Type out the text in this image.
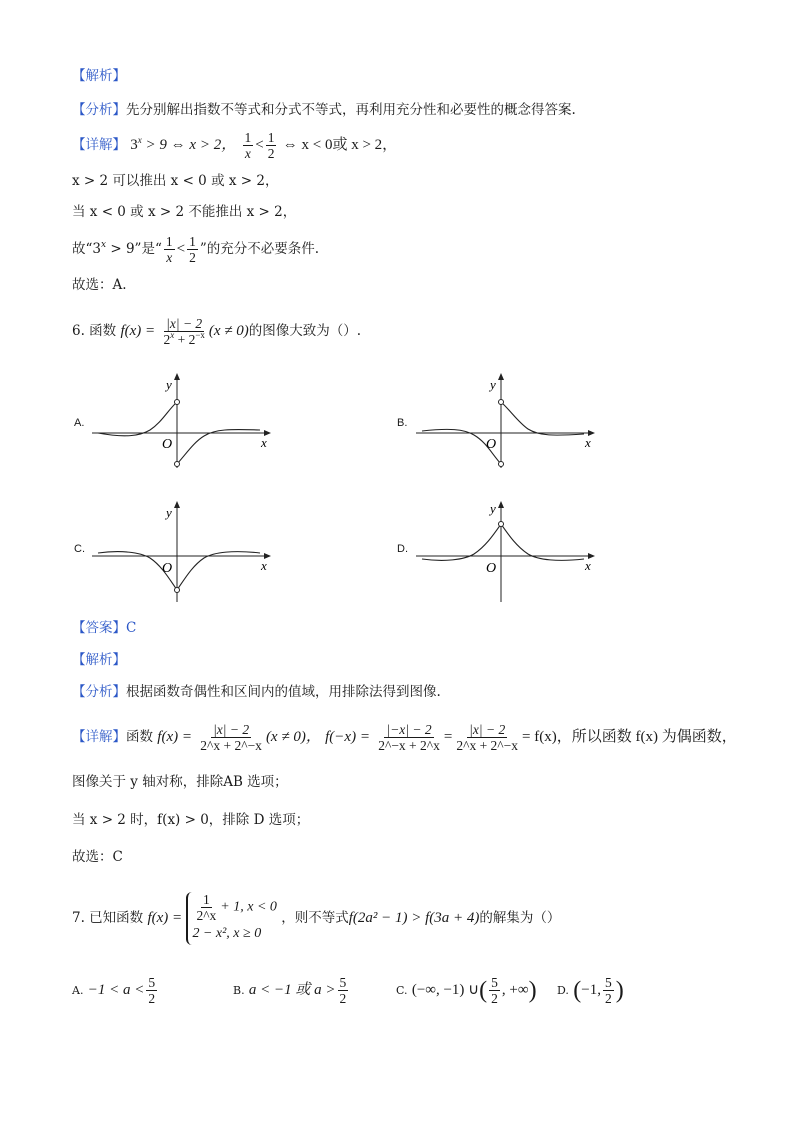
【解析】
【分析】先分别解出指数不等式和分式不等式，再利用充分性和必要性的概念得答案.
【详解】 $3^x > 9$ ⇔ x > 2， $\frac{1}{x} < \frac{1}{2}$ ⇔ x < 0或 x > 2，
x > 2 可以推出 x < 0 或 x > 2，
当 x < 0 或 x > 2 不能推出 x > 2，
故“$3^x > 9$”是“ $\frac{1}{x} < \frac{1}{2}$ ”的充分不必要条件.
故选：A.
6. 函数 $f(x) = \frac{|x| - 2}{2^x + 2^{-x}} (x \ne 0)$的图像大致为（）.
A.	B.
C.	D.
y
x
O
y
x
O
y
x
O
y
x
O
【答案】C
【解析】
【分析】根据函数奇偶性和区间内的值域，用排除法得到图像.
【详解】函数 $f(x) = \frac{|x| - 2}{2\^{}x + 2\^{}-x} (x \ne 0)$， $f(-x) = \frac{|-x| - 2}{2\^{}-x + 2\^{}x} = \frac{|x| - 2}{2\^{}x + 2\^{}-x} = f(x)$，所以函数 f(x) 为偶函数，
图像关于 y 轴对称，排除AB 选项；
当 x > 2 时，f(x) > 0，排除 D 选项；
故选：C
7. 已知函数 $f(x) = \frac{1}{2\^{}x} + 1$, x < 0
2 − x², x ≥ 0
，则不等式f(2a² − 1) > f(3a + 4)的解集为（）
A. $-1 < a < \frac{5}{2}$	B. a < −1 或 $a > \frac{5}{2}$	C. (−∞, −1) ∪( $\frac{5}{2}$ , +∞) D. (−1, $\frac{5}{2}$ )
